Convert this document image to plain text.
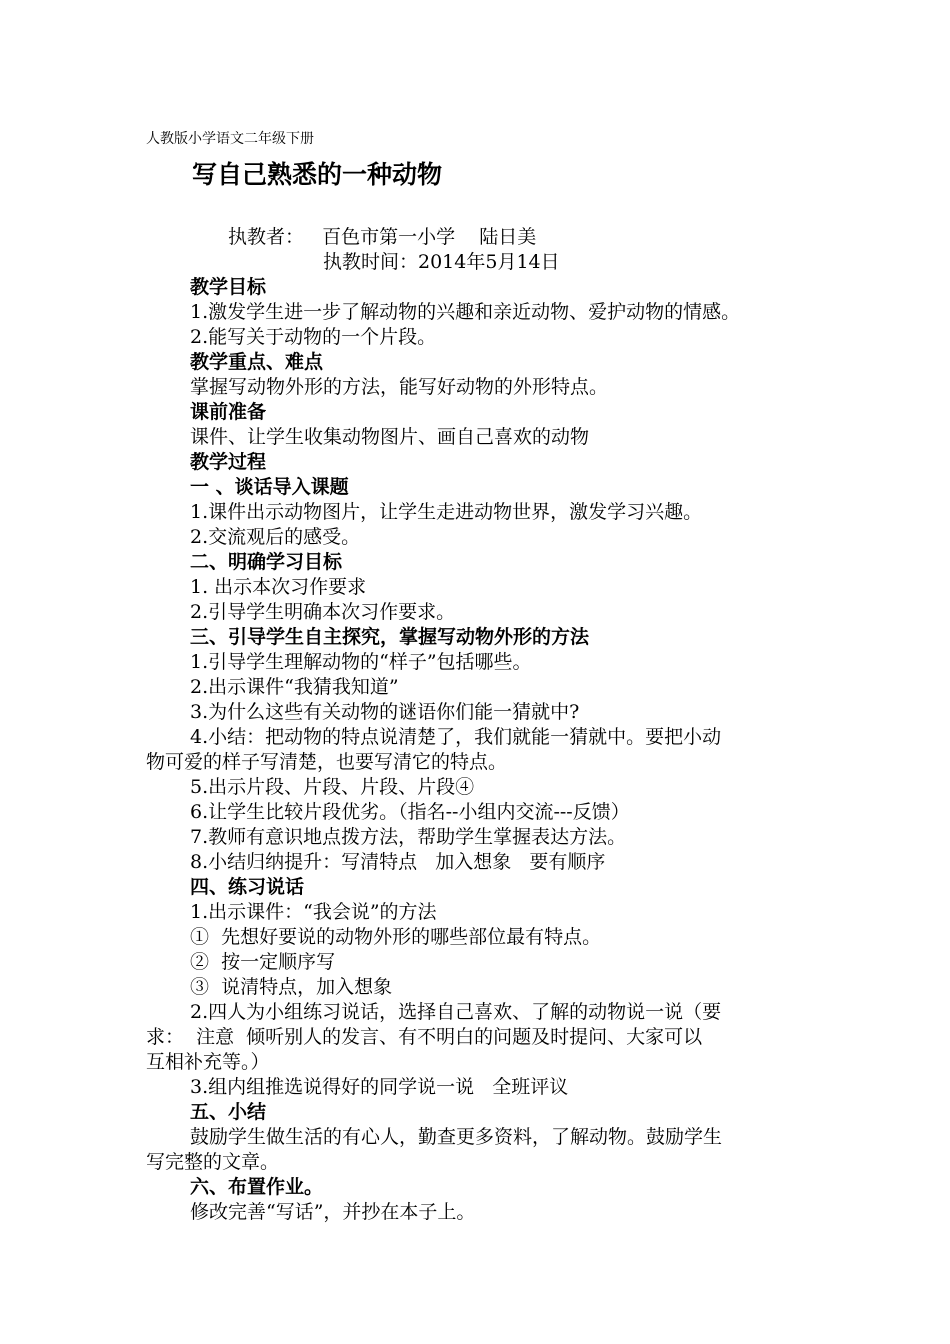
人教版小学语文二年级下册
写自己熟悉的一种动物
执教者：   百色市第一小学    陆日美
执教时间：2014年5月14日
教学目标
1.激发学生进一步了解动物的兴趣和亲近动物、爱护动物的情感。
2.能写关于动物的一个片段。
教学重点、难点
掌握写动物外形的方法，能写好动物的外形特点。
课前准备
课件、让学生收集动物图片、画自己喜欢的动物
教学过程
一 、谈话导入课题
1.课件出示动物图片，让学生走进动物世界，激发学习兴趣。
2.交流观后的感受。
二、明确学习目标
1. 出示本次习作要求
2.引导学生明确本次习作要求。
三、引导学生自主探究，掌握写动物外形的方法
1.引导学生理解动物的“样子”包括哪些。
2.出示课件“我猜我知道”
3.为什么这些有关动物的谜语你们能一猜就中?
4.小结：把动物的特点说清楚了，我们就能一猜就中。要把小动
物可爱的样子写清楚，也要写清它的特点。
5.出示片段、片段、片段、片段④
6.让学生比较片段优劣。（指名--小组内交流---反馈）
7.教师有意识地点拨方法，帮助学生掌握表达方法。
8.小结归纳提升：写清特点   加入想象   要有顺序
四、练习说话
1.出示课件：“我会说”的方法
①  先想好要说的动物外形的哪些部位最有特点。
②  按一定顺序写
③  说清特点，加入想象
2.四人为小组练习说话，选择自己喜欢、了解的动物说一说（要
求：  注意  倾听别人的发言、有不明白的问题及时提问、大家可以
互相补充等。）
3.组内组推选说得好的同学说一说   全班评议
五、小结
鼓励学生做生活的有心人，勤查更多资料，了解动物。鼓励学生
写完整的文章。
六、布置作业。
修改完善“写话”，并抄在本子上。
